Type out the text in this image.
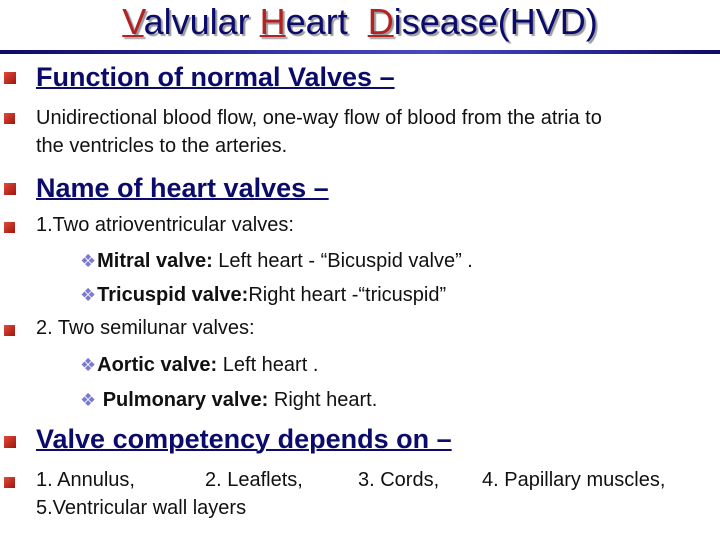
Valvular Heart  Disease(HVD)
Function of normal Valves –
Unidirectional blood flow, one-way flow of blood from the atria to
the ventricles to the arteries.
Name of heart valves –
1.Two atrioventricular valves:
❖Mitral valve: Left heart - “Bicuspid valve” .
❖Tricuspid valve:Right heart -“tricuspid”
2. Two semilunar valves:
❖Aortic valve: Left heart .
❖ Pulmonary valve: Right heart.
Valve competency depends on –
1. Annulus,	2. Leaflets,	3. Cords, 4. Papillary muscles,
5.Ventricular wall layers
